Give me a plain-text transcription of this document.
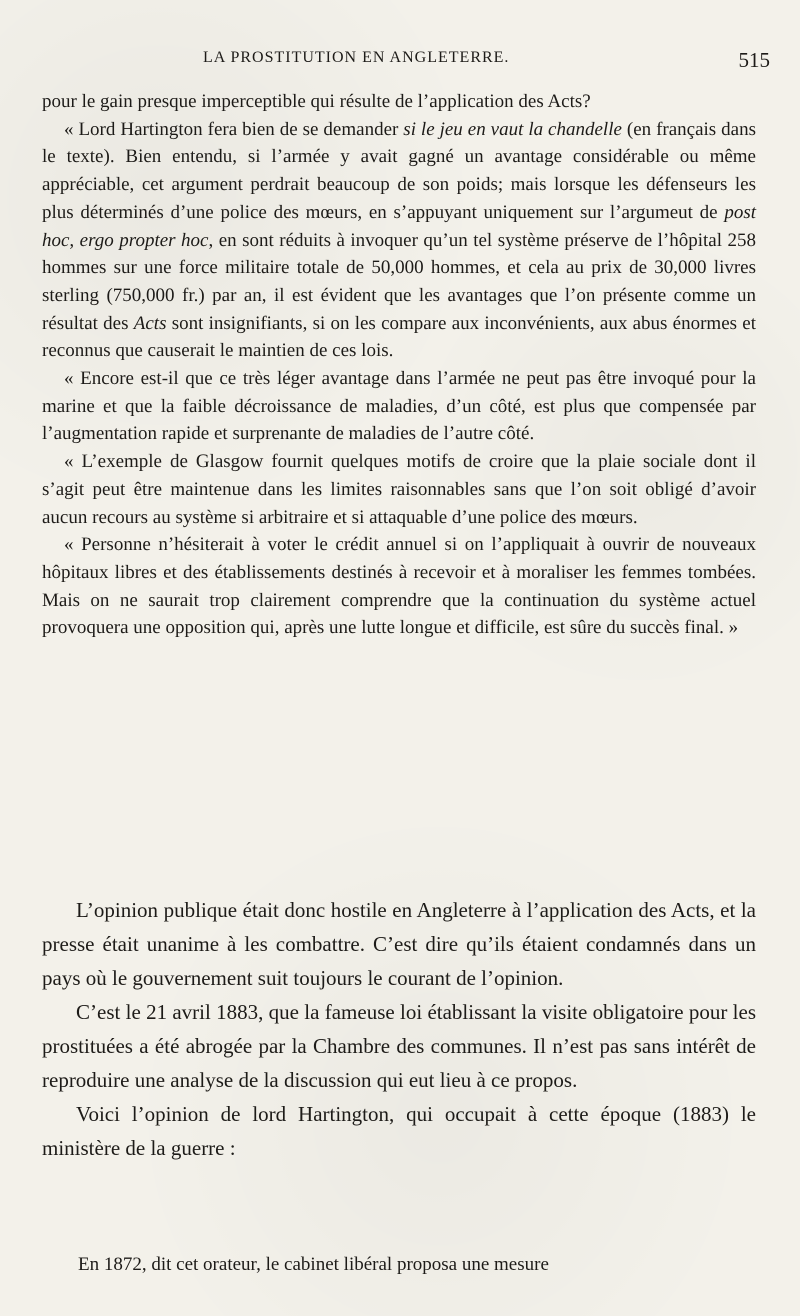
LA PROSTITUTION EN ANGLETERRE.	515

pour le gain presque imperceptible qui résulte de l’application des Acts?

« Lord Hartington fera bien de se demander si le jeu en vaut la chandelle (en français dans le texte). Bien entendu, si l’armée y avait gagné un avantage considérable ou même appréciable, cet argument perdrait beaucoup de son poids; mais lorsque les défenseurs les plus déterminés d’une police des mœurs, en s’appuyant uniquement sur l’argumeut de post hoc, ergo propter hoc, en sont réduits à invoquer qu’un tel système préserve de l’hôpital 258 hommes sur une force militaire totale de 50,000 hommes, et cela au prix de 30,000 livres sterling (750,000 fr.) par an, il est évident que les avantages que l’on présente comme un résultat des Acts sont insignifiants, si on les compare aux inconvénients, aux abus énormes et reconnus que causerait le maintien de ces lois.

« Encore est-il que ce très léger avantage dans l’armée ne peut pas être invoqué pour la marine et que la faible décroissance de maladies, d’un côté, est plus que compensée par l’augmentation rapide et surprenante de maladies de l’autre côté.

« L’exemple de Glasgow fournit quelques motifs de croire que la plaie sociale dont il s’agit peut être maintenue dans les limites raisonnables sans que l’on soit obligé d’avoir aucun recours au système si arbitraire et si attaquable d’une police des mœurs.

« Personne n’hésiterait à voter le crédit annuel si on l’appliquait à ouvrir de nouveaux hôpitaux libres et des établissements destinés à recevoir et à moraliser les femmes tombées. Mais on ne saurait trop clairement comprendre que la continuation du système actuel provoquera une opposition qui, après une lutte longue et difficile, est sûre du succès final. »

L’opinion publique était donc hostile en Angleterre à l’application des Acts, et la presse était unanime à les combattre. C’est dire qu’ils étaient condamnés dans un pays où le gouvernement suit toujours le courant de l’opinion.

C’est le 21 avril 1883, que la fameuse loi établissant la visite obligatoire pour les prostituées a été abrogée par la Chambre des communes. Il n’est pas sans intérêt de reproduire une analyse de la discussion qui eut lieu à ce propos.

Voici l’opinion de lord Hartington, qui occupait à cette époque (1883) le ministère de la guerre :

En 1872, dit cet orateur, le cabinet libéral proposa une mesure
